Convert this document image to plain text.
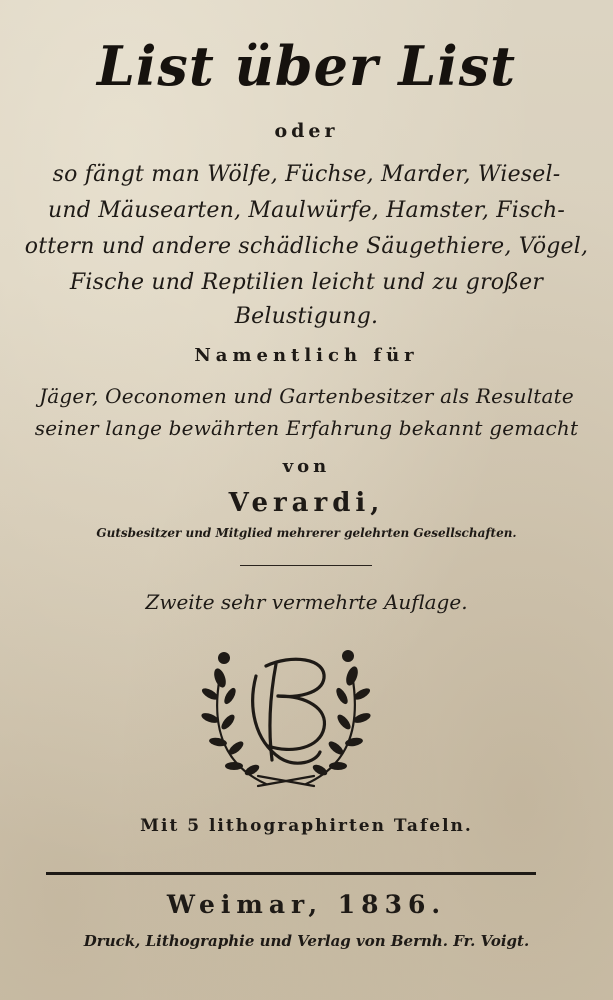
List über List
oder
so fängt man Wölfe, Füchse, Marder, Wiesel-
und Mäusearten, Maulwürfe, Hamster, Fisch-
ottern und andere schädliche Säugethiere, Vögel,
Fische und Reptilien leicht und zu großer
Belustigung.
Namentlich für
Jäger, Oeconomen und Gartenbesitzer als Resultate
seiner lange bewährten Erfahrung bekannt gemacht
von
Verardi,
Gutsbesitzer und Mitglied mehrerer gelehrten Gesellschaften.
Zweite sehr vermehrte Auflage.
Mit 5 lithographirten Tafeln.
Weimar, 1836.
Druck, Lithographie und Verlag von Bernh. Fr. Voigt.
